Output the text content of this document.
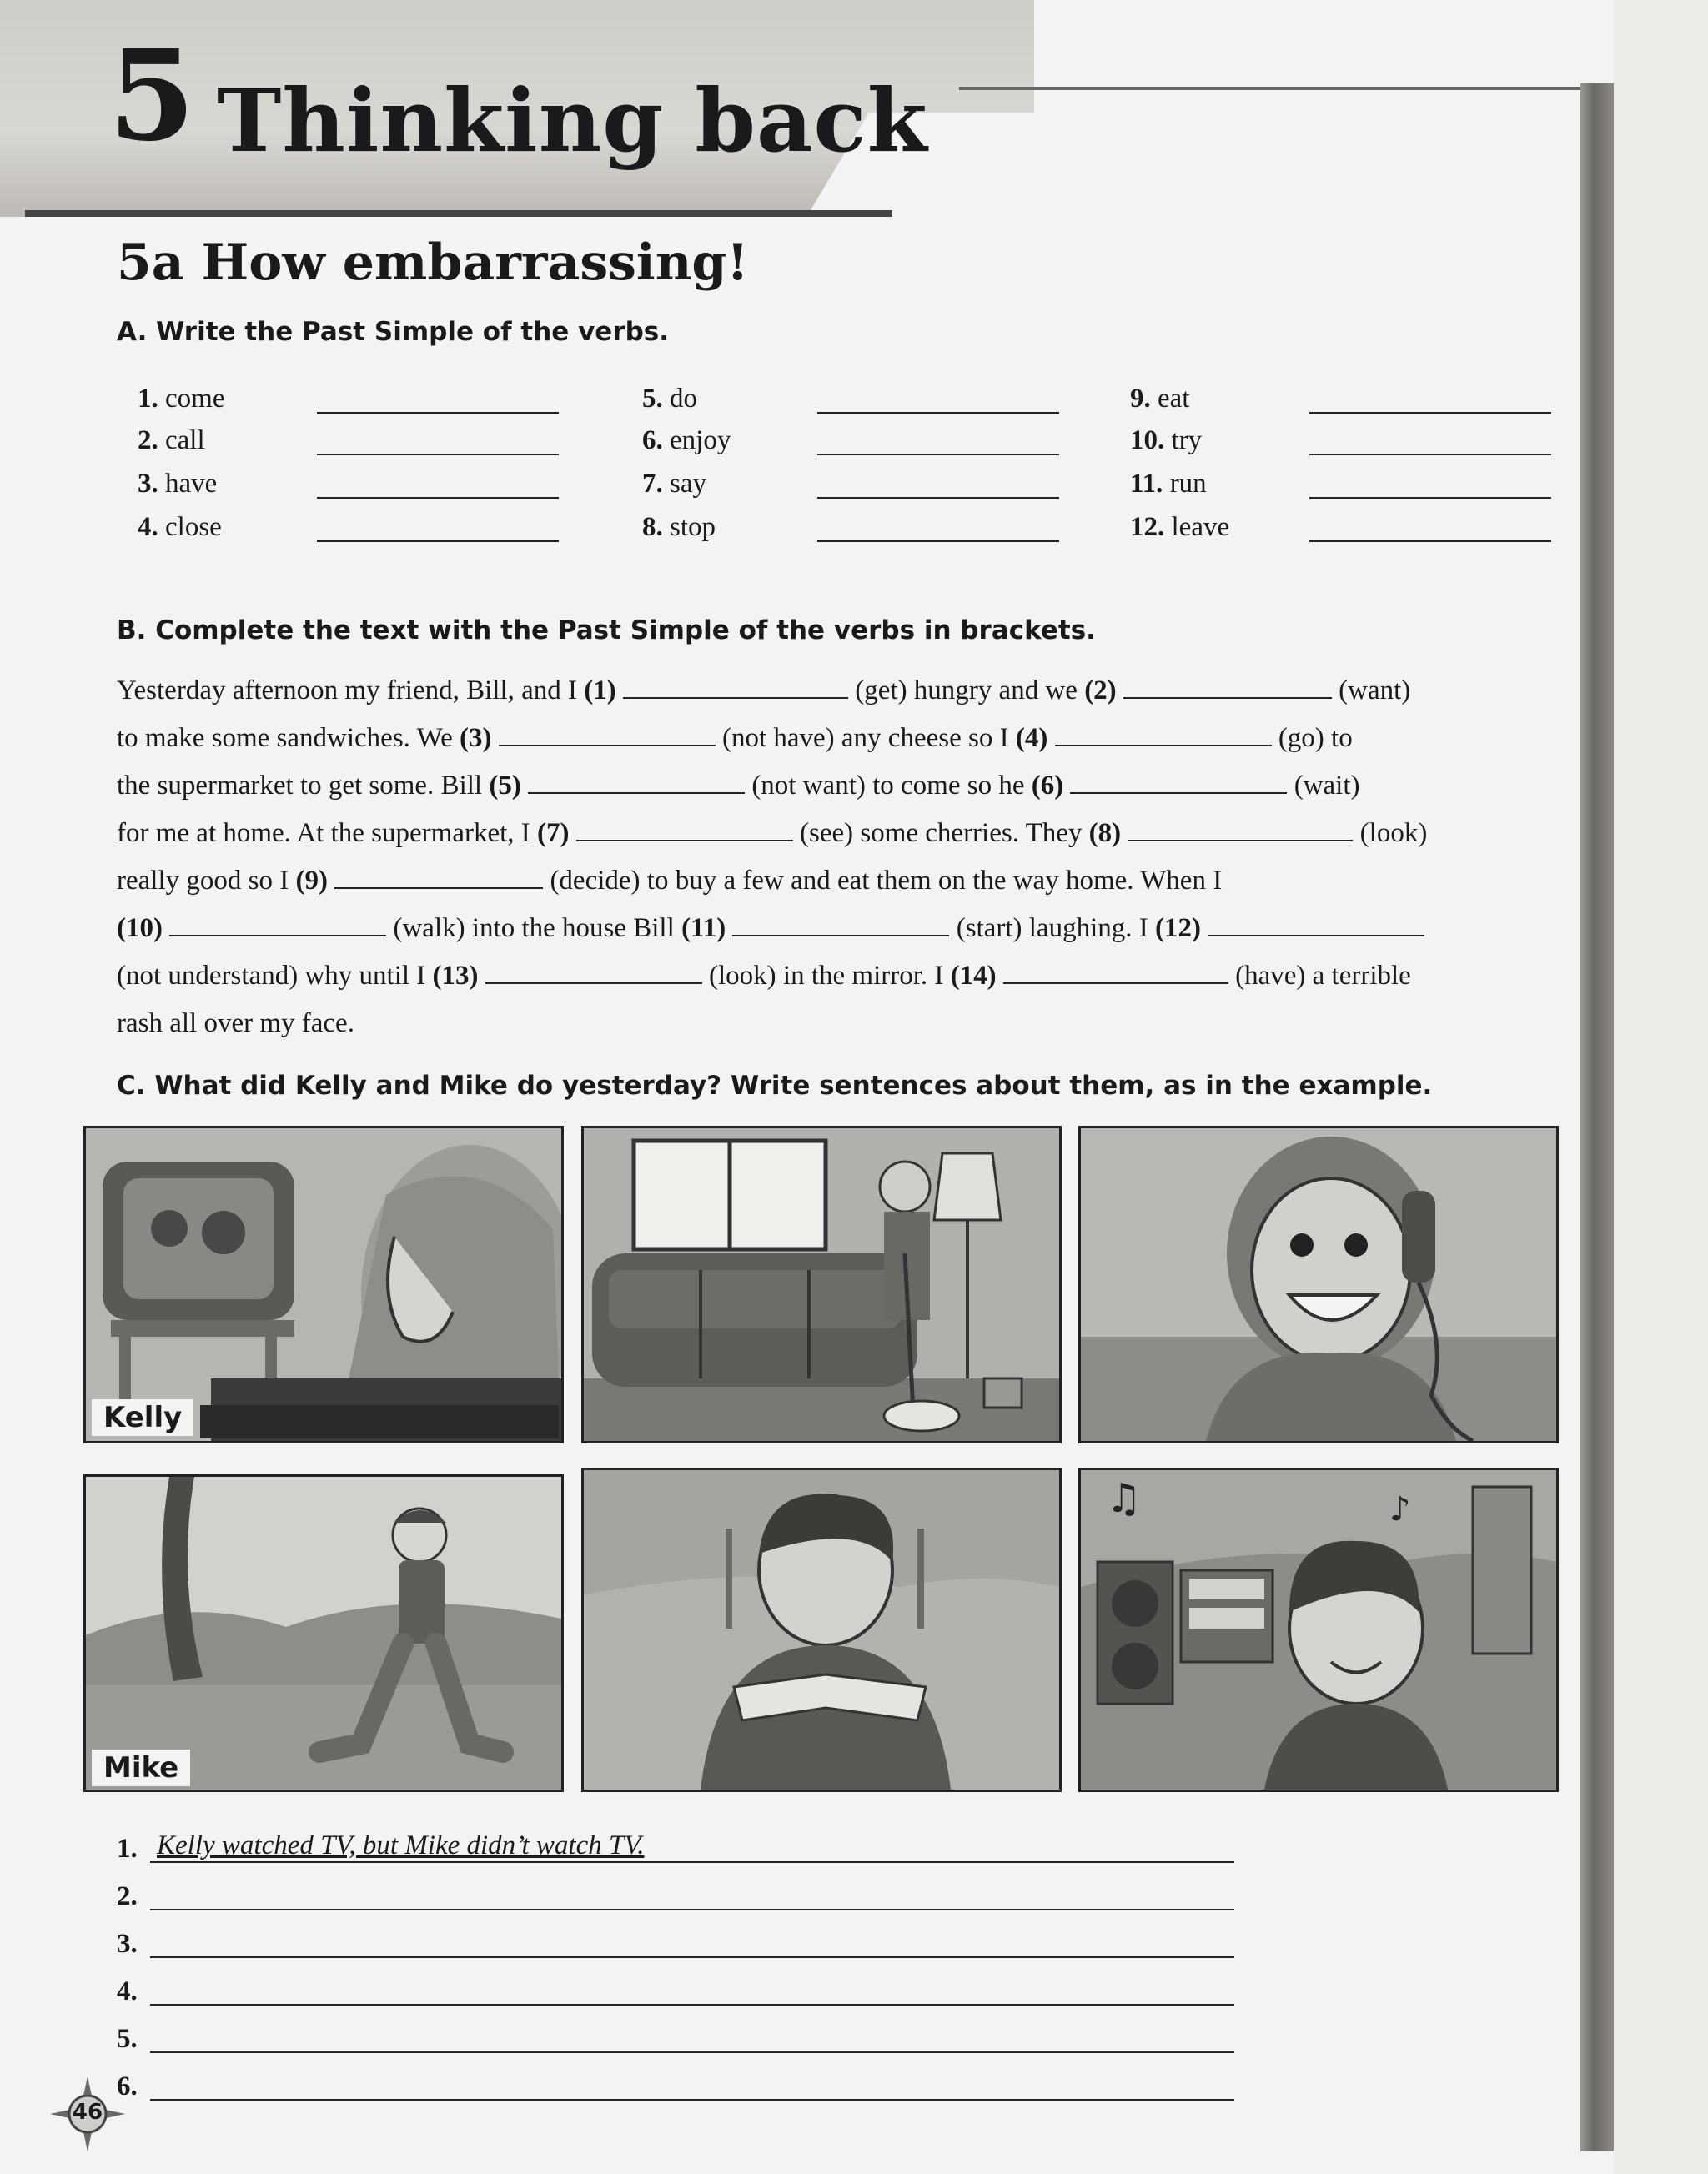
5 Thinking back
5a How embarrassing!
A. Write the Past Simple of the verbs.
1. come
2. call
3. have
4. close
5. do
6. enjoy
7. say
8. stop
9. eat
10. try
11. run
12. leave
B. Complete the text with the Past Simple of the verbs in brackets.
Yesterday afternoon my friend, Bill, and I (1)	(get) hungry and we (2)	(want)
to make some sandwiches. We (3)	(not have) any cheese so I (4)	(go) to
the supermarket to get some. Bill (5)	(not want) to come so he (6)	(wait)
for me at home. At the supermarket, I (7)	(see) some cherries. They (8)	(look)
really good so I (9)	(decide) to buy a few and eat them on the way home. When I
(10)	(walk) into the house Bill (11)	(start) laughing. I (12)
(not understand) why until I (13)	(look) in the mirror. I (14)	(have) a terrible
rash all over my face.
C. What did Kelly and Mike do yesterday? Write sentences about them, as in the example.
Kelly
Mike
♫	♪
1. Kelly watched TV, but Mike didn’t watch TV.
2.
3.
4.
5.
6.
46
